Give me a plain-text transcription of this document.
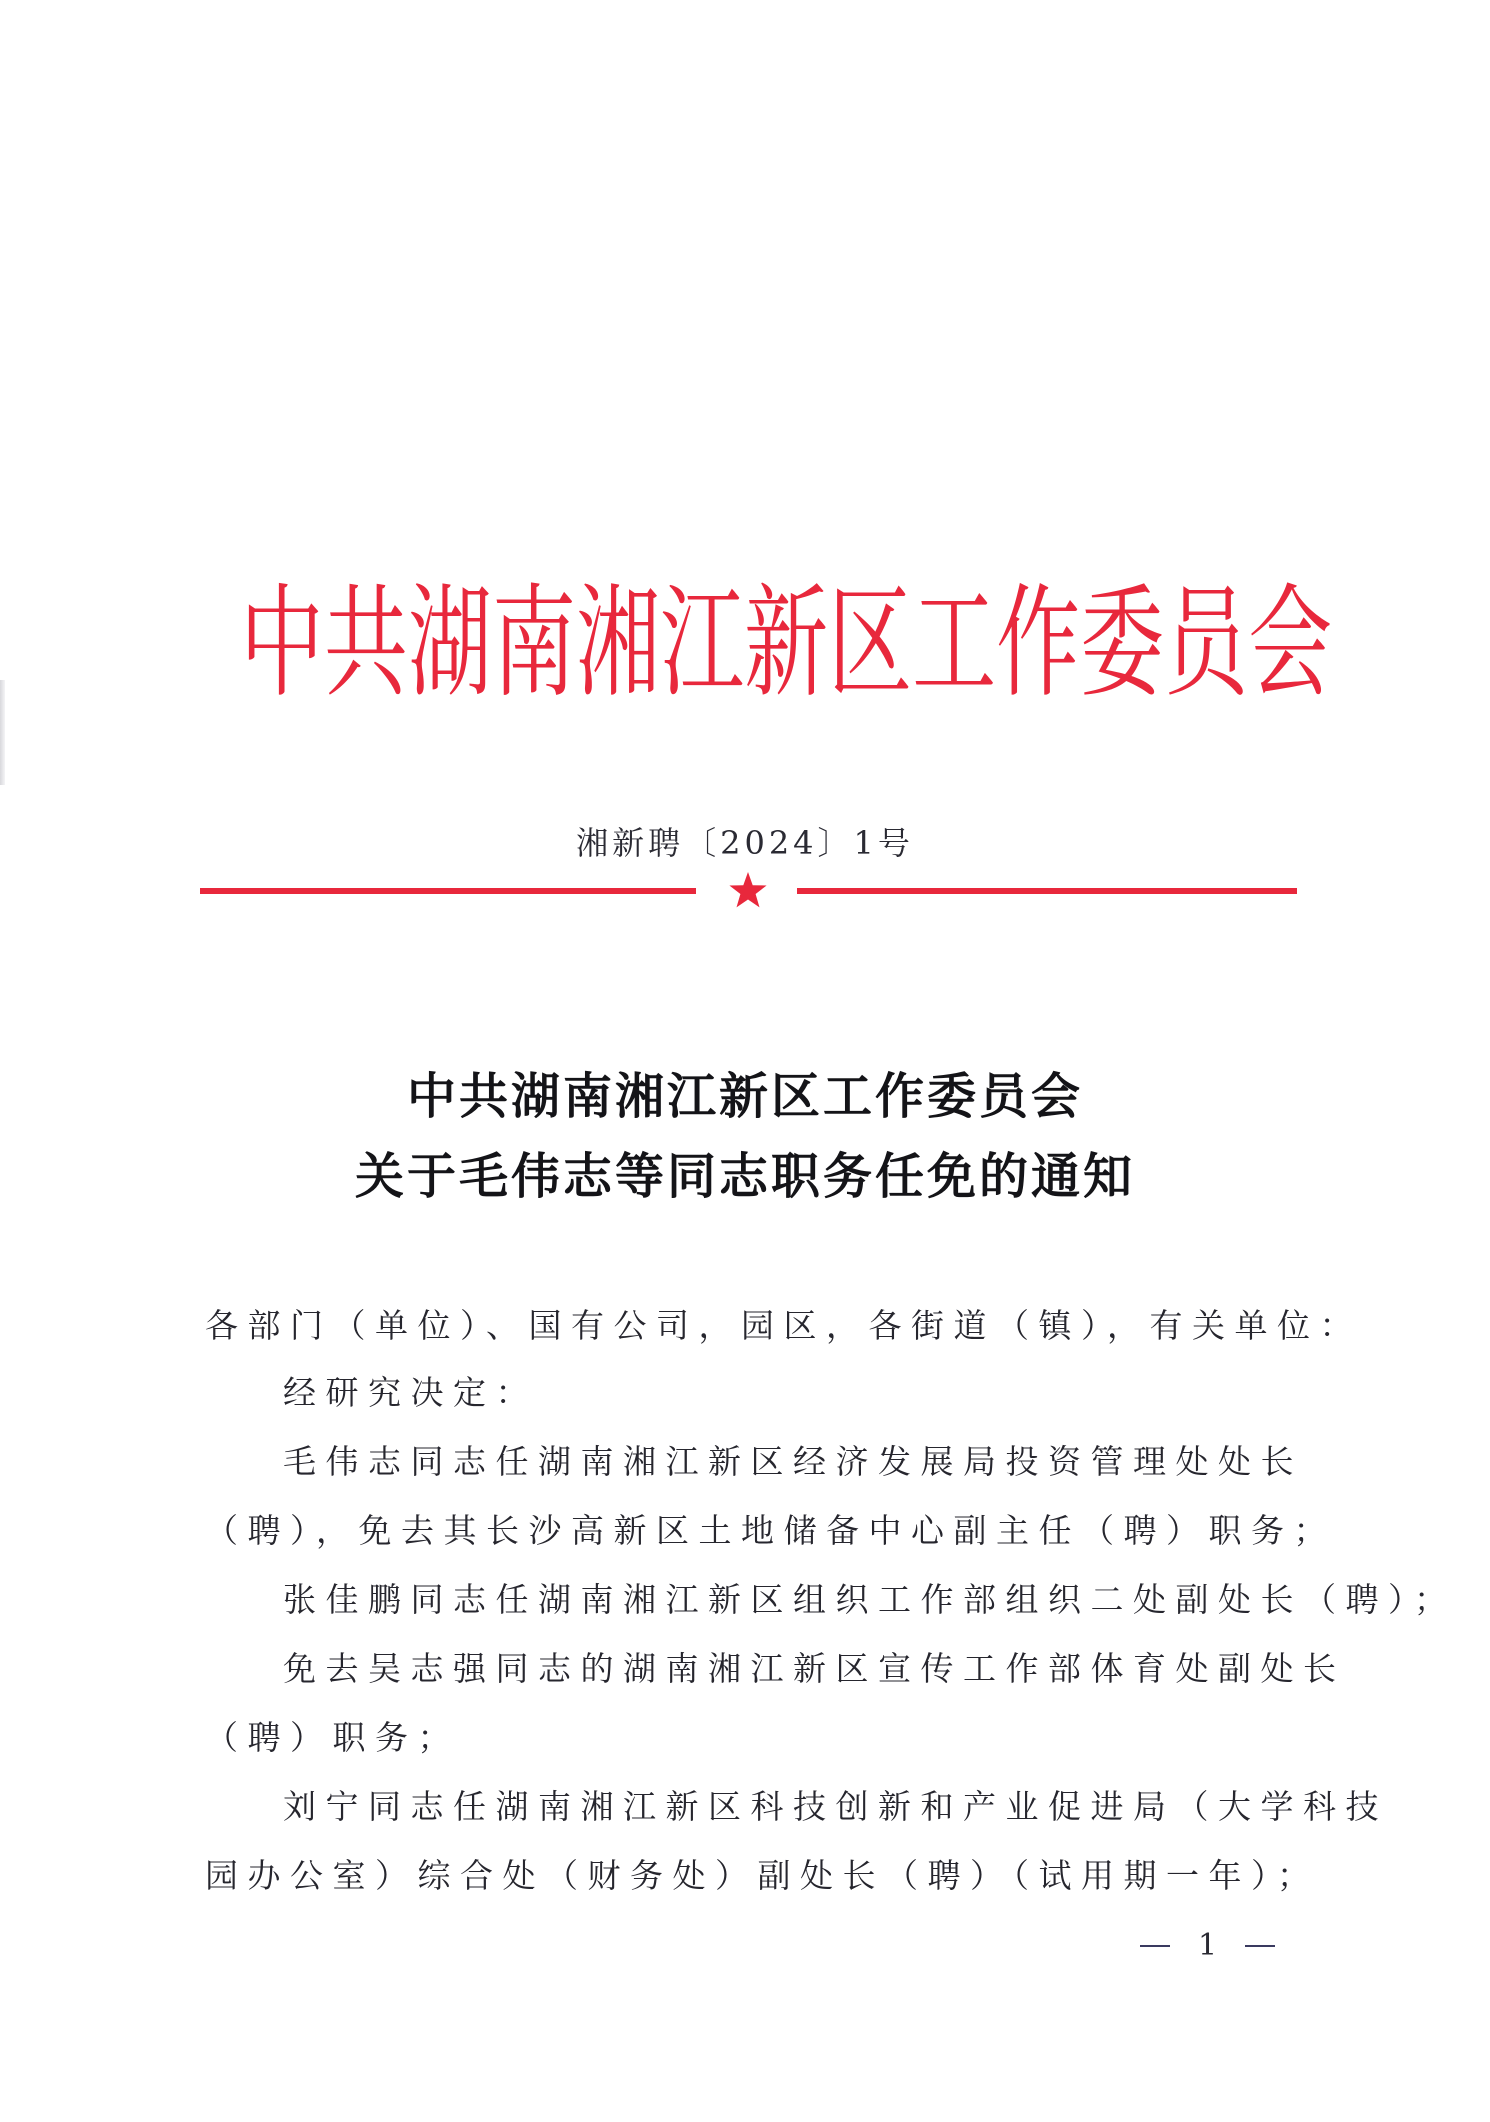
中 共 湖 南 湘 江 新 区 工 作 委 员 会
湘新聘〔2024〕1号
中共湖南湘江新区工作委员会
关于毛伟志等同志职务任免的通知
各部门（单位）、国有公司，园区，各街道（镇），有关单位：
经研究决定：
毛伟志同志任湖南湘江新区经济发展局投资管理处处长
（聘），免去其长沙高新区土地储备中心副主任（聘）职务；
张佳鹏同志任湖南湘江新区组织工作部组织二处副处长（聘）；
免去吴志强同志的湖南湘江新区宣传工作部体育处副处长
（聘）职务；
刘宁同志任湖南湘江新区科技创新和产业促进局（大学科技
园办公室）综合处（财务处）副处长（聘）（试用期一年）；
1
